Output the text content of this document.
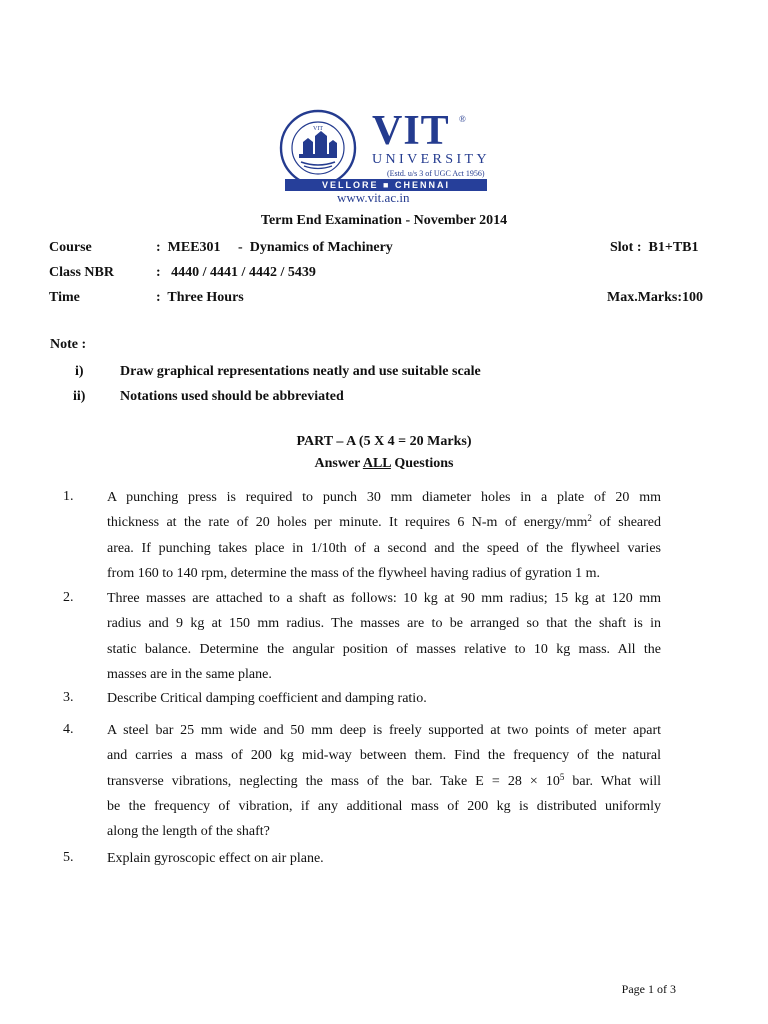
VIT VIT ®
UNIVERSITY
(Estd. u/s 3 of UGC Act 1956)
VELLORE ■ CHENNAI
www.vit.ac.in
Term End Examination - November 2014
Course	:  MEE301     -  Dynamics of Machinery	Slot :  B1+TB1
Class NBR	:   4440 / 4441 / 4442 / 5439
Time	:  Three Hours	Max.Marks:100
Note :
i)	Draw graphical representations neatly and use suitable scale
ii) Notations used should be abbreviated
PART – A (5 X 4 = 20 Marks)
Answer ALL Questions
1. A punching press is required to punch 30 mm diameter holes in a plate of 20 mm
thickness at the rate of 20 holes per minute. It requires 6 N-m of energy/$mm^2$ of sheared
area. If punching takes place in 1/10th of a second and the speed of the flywheel varies
from 160 to 140 rpm, determine the mass of the flywheel having radius of gyration 1 m.
2. Three masses are attached to a shaft as follows: 10 kg at 90 mm radius; 15 kg at 120 mm
radius and 9 kg at 150 mm radius. The masses are to be arranged so that the shaft is in
static balance. Determine the angular position of masses relative to 10 kg mass. All the
masses are in the same plane.
3. Describe Critical damping coefficient and damping ratio.
4. A steel bar 25 mm wide and 50 mm deep is freely supported at two points of meter apart
and carries a mass of 200 kg mid-way between them. Find the frequency of the natural
transverse vibrations, neglecting the mass of the bar. Take $E = 28 \times 10^5$ bar. What will
be the frequency of vibration, if any additional mass of 200 kg is distributed uniformly
along the length of the shaft?
5. Explain gyroscopic effect on air plane.
Page 1 of 3
